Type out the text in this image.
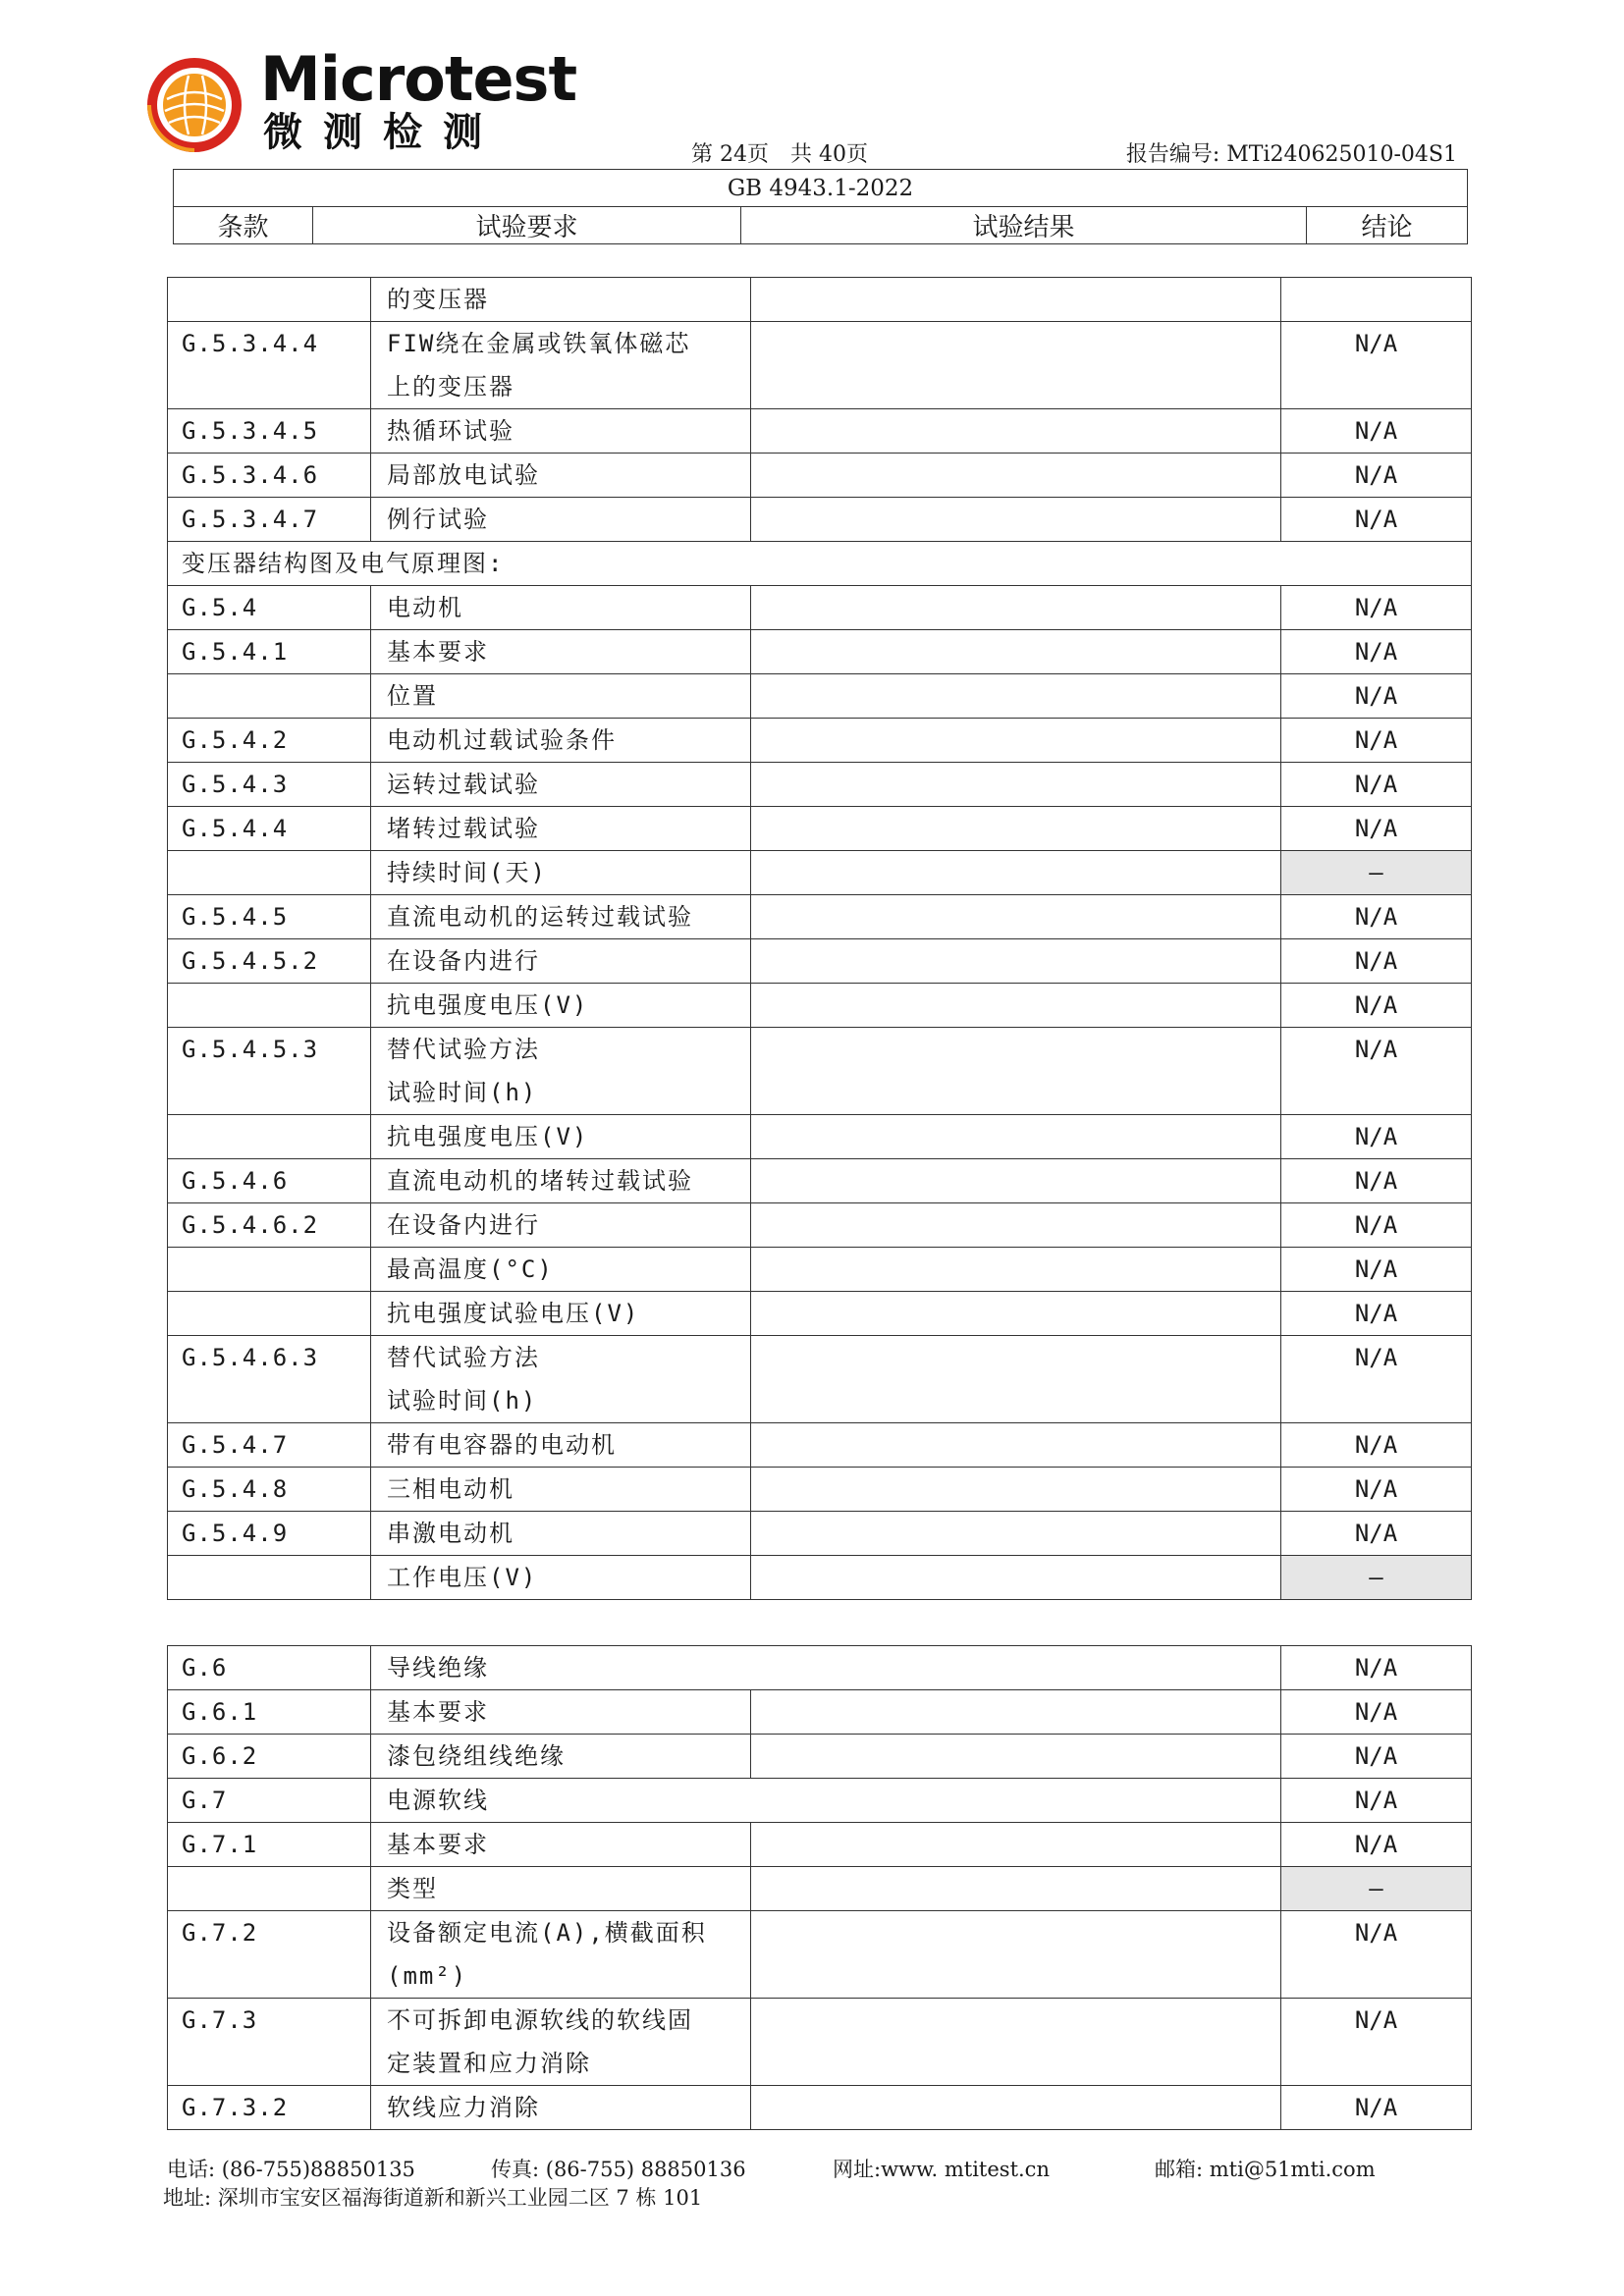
Microtest
微测检测	第 24页　共 40页	报告编号: MTi240625010-04S1
GB 4943.1-2022
条款	试验要求	试验结果	结论

	的变压器		

G.5.3.4.4	FIW绕在金属或铁氧体磁芯
上的变压器		N/A
G.5.3.4.5	热循环试验		N/A
G.5.3.4.6	局部放电试验		N/A
G.5.3.4.7	例行试验		N/A
变压器结构图及电气原理图:			
G.5.4	电动机		N/A
G.5.4.1	基本要求		N/A

	位置		N/A
G.5.4.2	电动机过载试验条件		N/A
G.5.4.3	运转过载试验		N/A
G.5.4.4	堵转过载试验		N/A

	持续时间(天)		—
G.5.4.5	直流电动机的运转过载试验		N/A
G.5.4.5.2	在设备内进行		N/A

	抗电强度电压(V)		N/A
G.5.4.5.3	替代试验方法
试验时间(h)		N/A

	抗电强度电压(V)		N/A
G.5.4.6	直流电动机的堵转过载试验		N/A
G.5.4.6.2	在设备内进行		N/A

	最高温度(°C)		N/A

	抗电强度试验电压(V)		N/A
G.5.4.6.3	替代试验方法
试验时间(h)		N/A
G.5.4.7	带有电容器的电动机		N/A
G.5.4.8	三相电动机		N/A
G.5.4.9	串激电动机		N/A

	工作电压(V)		—
G.6	导线绝缘		N/A
G.6.1	基本要求		N/A
G.6.2	漆包绕组线绝缘		N/A
G.7	电源软线		N/A
G.7.1	基本要求		N/A

	类型		—
G.7.2	设备额定电流(A),横截面积
(mm²)		N/A
G.7.3	不可拆卸电源软线的软线固
定装置和应力消除		N/A
G.7.3.2	软线应力消除		N/A
电话: (86-755)88850135	传真: (86-755) 88850136	网址:www. mtitest.cn	邮箱: mti@51mti.com
地址: 深圳市宝安区福海街道新和新兴工业园二区 7 栋 101
